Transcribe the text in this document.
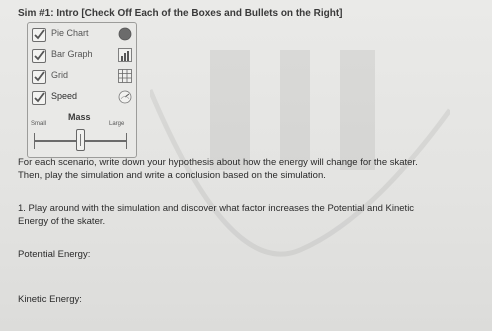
Sim #1: Intro [Check Off Each of the Boxes and Bullets on the Right]
Pie Chart
Bar Graph
Grid
Speed
Mass
Small	Large
For each scenario, write down your hypothesis about how the energy will change for the skater.
Then, play the simulation and write a conclusion based on the simulation.
1. Play around with the simulation and discover what factor increases the Potential and Kinetic
Energy of the skater.
Potential Energy:
Kinetic Energy:
